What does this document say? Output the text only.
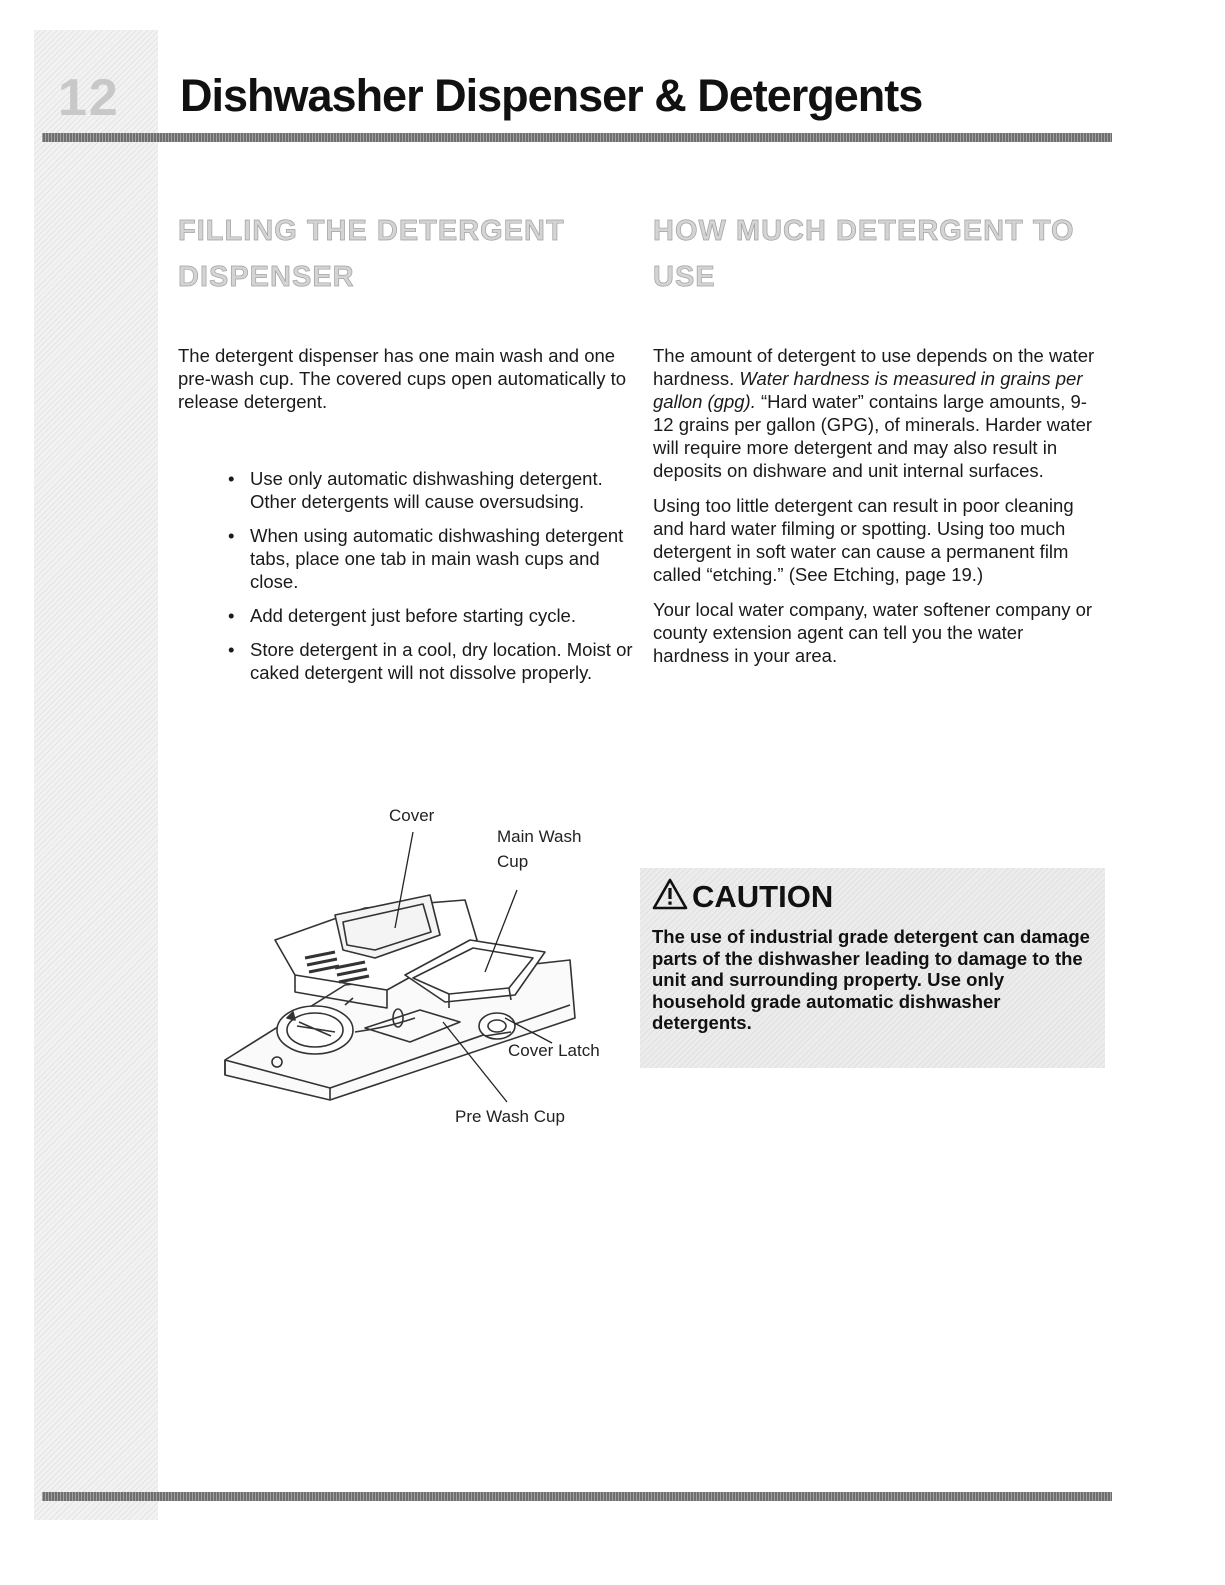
12 Dishwasher Dispenser & Detergents
FILLING THE DETERGENT DISPENSER

The detergent dispenser has one main wash and one pre-wash cup. The covered cups open automatically to release detergent.

• Use only automatic dishwashing detergent. Other detergents will cause oversudsing.
• When using automatic dishwashing detergent tabs, place one tab in main wash cups and close.
• Add detergent just before starting cycle.
• Store detergent in a cool, dry location. Moist or caked detergent will not dissolve properly.
HOW MUCH DETERGENT TO USE

The amount of detergent to use depends on the water hardness. Water hardness is measured in grains per gallon (gpg). “Hard water” contains large amounts, 9-12 grains per gallon (GPG), of minerals. Harder water will require more detergent and may also result in deposits on dishware and unit internal surfaces.

Using too little detergent can result in poor cleaning and hard water filming or spotting. Using too much detergent in soft water can cause a permanent film called “etching.” (See Etching, page 19.)

Your local water company, water softener company or county extension agent can tell you the water hardness in your area.

Cover
Main Wash
Cup
Cover Latch
Pre Wash Cup
CAUTION
The use of industrial grade detergent can damage parts of the dishwasher leading to damage to the unit and surrounding property. Use only household grade automatic dishwasher detergents.
